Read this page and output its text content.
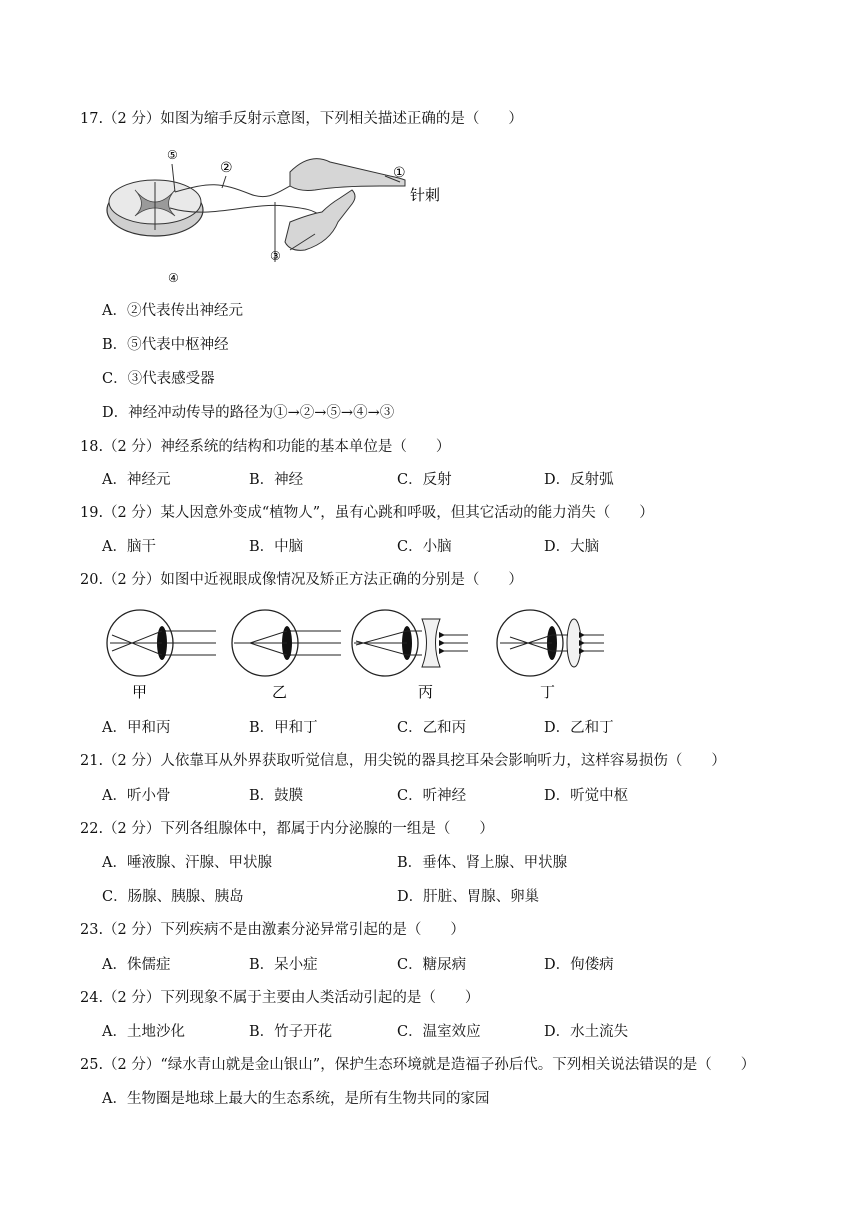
17.（2 分）如图为缩手反射示意图，下列相关描述正确的是（　　）
⑤
②	①
③
④
针刺
A．②代表传出神经元
B．⑤代表中枢神经
C．③代表感受器
D．神经冲动传导的路径为①→②→⑤→④→③
18.（2 分）神经系统的结构和功能的基本单位是（　　）
A．神经元	B．神经	C．反射	D．反射弧
19.（2 分）某人因意外变成“植物人”，虽有心跳和呼吸，但其它活动的能力消失（　　）
A．脑干	B．中脑	C．小脑	D．大脑
20.（2 分）如图中近视眼成像情况及矫正方法正确的分别是（　　）
甲	乙	丙	丁
A．甲和丙	B．甲和丁	C．乙和丙	D．乙和丁
21.（2 分）人依靠耳从外界获取听觉信息，用尖锐的器具挖耳朵会影响听力，这样容易损伤（　　）
A．听小骨	B．鼓膜	C．听神经	D．听觉中枢
22.（2 分）下列各组腺体中，都属于内分泌腺的一组是（　　）
A．唾液腺、汗腺、甲状腺	B．垂体、肾上腺、甲状腺
C．肠腺、胰腺、胰岛	D．肝脏、胃腺、卵巢
23.（2 分）下列疾病不是由激素分泌异常引起的是（　　）
A．侏儒症	B．呆小症	C．糖尿病	D．佝偻病
24.（2 分）下列现象不属于主要由人类活动引起的是（　　）
A．土地沙化	B．竹子开花	C．温室效应	D．水土流失
25.（2 分）“绿水青山就是金山银山”，保护生态环境就是造福子孙后代。下列相关说法错误的是（　　）
A．生物圈是地球上最大的生态系统，是所有生物共同的家园
